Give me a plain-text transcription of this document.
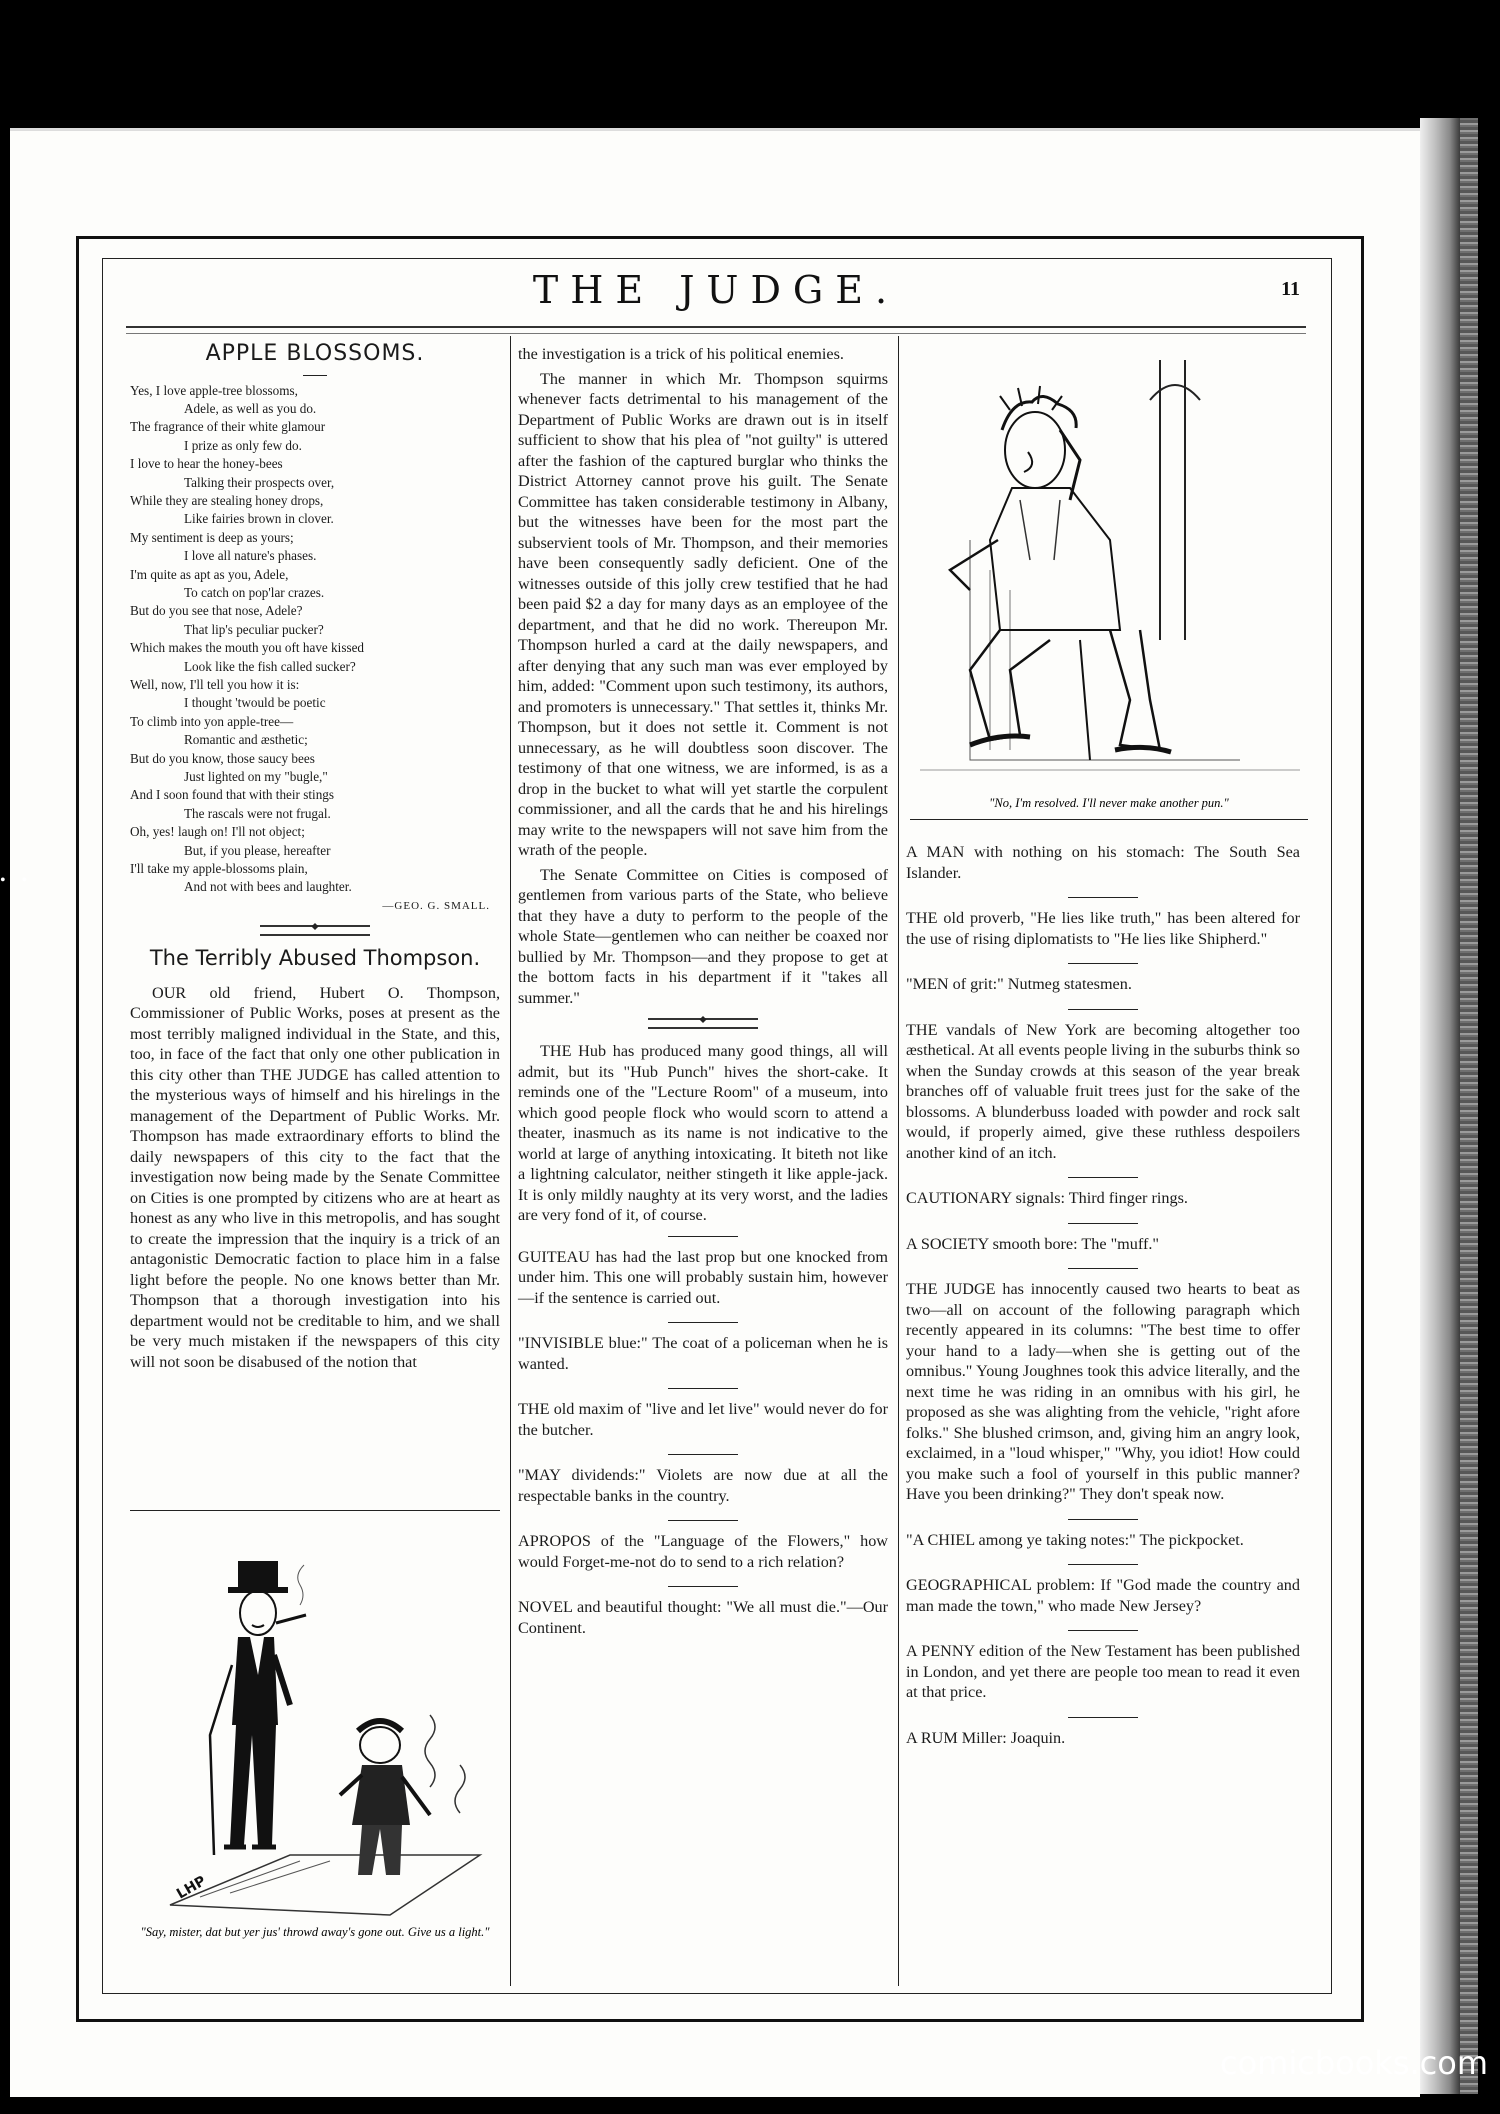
• •
THE JUDGE.	11
APPLE BLOSSOMS.
Yes, I love apple-tree blossoms,
Adele, as well as you do.
The fragrance of their white glamour
I prize as only few do.
I love to hear the honey-bees
Talking their prospects over,
While they are stealing honey drops,
Like fairies brown in clover.
My sentiment is deep as yours;
I love all nature's phases.
I'm quite as apt as you, Adele,
To catch on pop'lar crazes.
But do you see that nose, Adele?
That lip's peculiar pucker?
Which makes the mouth you oft have kissed
Look like the fish called sucker?
Well, now, I'll tell you how it is:
I thought 'twould be poetic
To climb into yon apple-tree—
Romantic and æsthetic;
But do you know, those saucy bees
Just lighted on my "bugle,"
And I soon found that with their stings
The rascals were not frugal.
Oh, yes! laugh on! I'll not object;
But, if you please, hereafter
I'll take my apple-blossoms plain,
And not with bees and laughter.
—GEO. G. SMALL.
The Terribly Abused Thompson.

OUR old friend, Hubert O. Thompson, Commissioner of Public Works, poses at present as the most terribly maligned individual in the State, and this, too, in face of the fact that only one other publication in this city other than THE JUDGE has called attention to the mysterious ways of himself and his hirelings in the management of the Department of Public Works. Mr. Thompson has made extraordinary efforts to blind the daily newspapers of this city to the fact that the investigation now being made by the Senate Committee on Cities is one prompted by citizens who are at heart as honest as any who live in this metropolis, and has sought to create the impression that the inquiry is a trick of an antagonistic Democratic faction to place him in a false light before the people. No one knows better than Mr. Thompson that a thorough investigation into his department would not be creditable to him, and we shall be very much mistaken if the newspapers of this city will not soon be disabused of the notion that

LHP
"Say, mister, dat but yer jus' throwd away's gone out. Give us a light."

the investigation is a trick of his political enemies.

The manner in which Mr. Thompson squirms whenever facts detrimental to his management of the Department of Public Works are drawn out is in itself sufficient to show that his plea of "not guilty" is uttered after the fashion of the captured burglar who thinks the District Attorney cannot prove his guilt. The Senate Committee has taken considerable testimony in Albany, but the witnesses have been for the most part the subservient tools of Mr. Thompson, and their memories have been consequently sadly deficient. One of the witnesses outside of this jolly crew testified that he had been paid $2 a day for many days as an employee of the department, and that he did no work. Thereupon Mr. Thompson hurled a card at the daily newspapers, and after denying that any such man was ever employed by him, added: "Comment upon such testimony, its authors, and promoters is unnecessary." That settles it, thinks Mr. Thompson, but it does not settle it. Comment is not unnecessary, as he will doubtless soon discover. The testimony of that one witness, we are informed, is as a drop in the bucket to what will yet startle the corpulent commissioner, and all the cards that he and his hirelings may write to the newspapers will not save him from the wrath of the people.

The Senate Committee on Cities is composed of gentlemen from various parts of the State, who believe that they have a duty to perform to the people of the whole State—gentlemen who can neither be coaxed nor bullied by Mr. Thompson—and they propose to get at the bottom facts in his department if it "takes all summer."

THE Hub has produced many good things, all will admit, but its "Hub Punch" hives the short-cake. It reminds one of the "Lecture Room" of a museum, into which good people flock who would scorn to attend a theater, inasmuch as its name is not indicative to the world at large of anything intoxicating. It biteth not like a lightning calculator, neither stingeth it like apple-jack. It is only mildly naughty at its very worst, and the ladies are very fond of it, of course.

GUITEAU has had the last prop but one knocked from under him. This one will probably sustain him, however—if the sentence is carried out.

"INVISIBLE blue:" The coat of a policeman when he is wanted.

THE old maxim of "live and let live" would never do for the butcher.

"MAY dividends:" Violets are now due at all the respectable banks in the country.

APROPOS of the "Language of the Flowers," how would Forget-me-not do to send to a rich relation?

NOVEL and beautiful thought: "We all must die."—Our Continent.

"No, I'm resolved. I'll never make another pun."

A MAN with nothing on his stomach: The South Sea Islander.

THE old proverb, "He lies like truth," has been altered for the use of rising diplomatists to "He lies like Shipherd."

"MEN of grit:" Nutmeg statesmen.

THE vandals of New York are becoming altogether too æsthetical. At all events people living in the suburbs think so when the Sunday crowds at this season of the year break branches off of valuable fruit trees just for the sake of the blossoms. A blunderbuss loaded with powder and rock salt would, if properly aimed, give these ruthless despoilers another kind of an itch.

CAUTIONARY signals: Third finger rings.

A SOCIETY smooth bore: The "muff."

THE JUDGE has innocently caused two hearts to beat as two—all on account of the following paragraph which recently appeared in its columns: "The best time to offer your hand to a lady—when she is getting out of the omnibus." Young Joughnes took this advice literally, and the next time he was riding in an omnibus with his girl, he proposed as she was alighting from the vehicle, "right afore folks." She blushed crimson, and, giving him an angry look, exclaimed, in a "loud whisper," "Why, you idiot! How could you make such a fool of yourself in this public manner? Have you been drinking?" They don't speak now.

"A CHIEL among ye taking notes:" The pickpocket.

GEOGRAPHICAL problem: If "God made the country and man made the town," who made New Jersey?

A PENNY edition of the New Testament has been published in London, and yet there are people too mean to read it even at that price.

A RUM Miller: Joaquin.

comicbooks.com
